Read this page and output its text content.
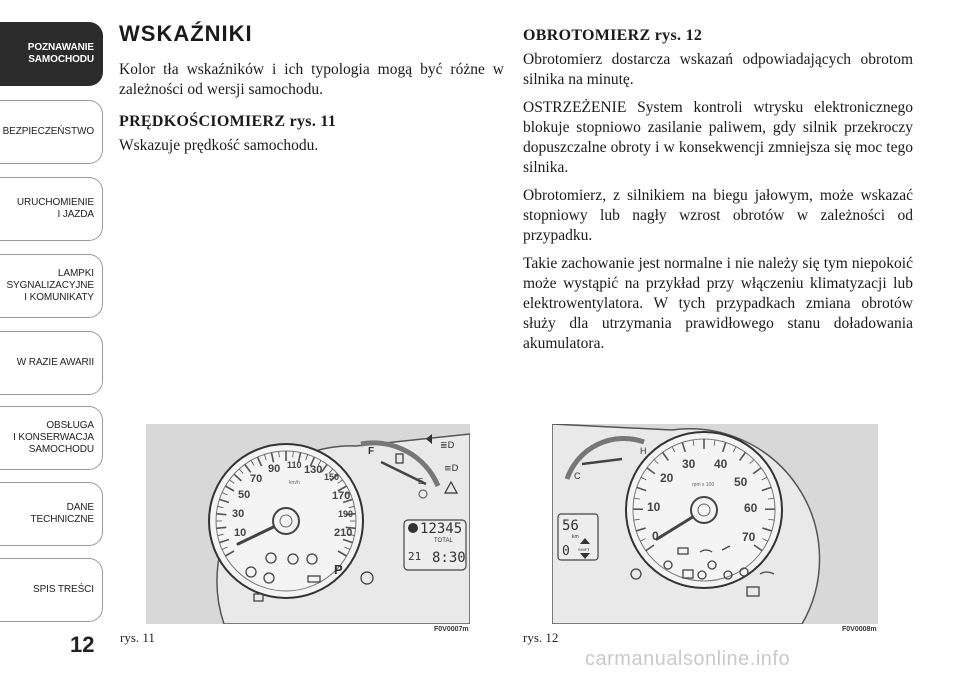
POZNAWANIE
SAMOCHODU
BEZPIECZEŃSTWO
URUCHOMIENIE
I JAZDA
LAMPKI
SYGNALIZACYJNE
I KOMUNIKATY
W RAZIE AWARII
OBSŁUGA
I KONSERWACJA
SAMOCHODU
DANE
TECHNICZNE
SPIS TREŚCI
12
WSKAŹNIKI

Kolor tła wskaźników i ich typologia mogą być różne w zależności od wersji samochodu.

PRĘDKOŚCIOMIERZ rys. 11

Wskazuje prędkość samochodu.

OBROTOMIERZ rys. 12

Obrotomierz dostarcza wskazań odpowiadających obrotom silnika na minutę.

OSTRZEŻENIE System kontroli wtrysku elektronicznego blokuje stopniowo zasilanie paliwem, gdy silnik przekroczy dopuszczalne obroty i w konsekwencji zmniejsza się moc tego silnika.

Obrotomierz, z silnikiem na biegu jałowym, może wskazać stopniowy lub nagły wzrost obrotów w zależności od przypadku.

Takie zachowanie jest normalne i nie należy się tym niepokoić może wystąpić na przykład przy włączeniu klimatyzacji lub elektrowentylatora. W tych przypadkach zmiana obrotów służy dla utrzymania prawidłowego stanu doładowania akumulatora.

10
30
50
70
90 110 130
150
170
190
210
km/h
P
F
E
≣D
≡D
12345
TOTAL
21 8:30
rys. 11
F0V0007m
C
H
0
10
20
30 40
50
60
70
rpm x 100
56
km
0 SHIFT
rys. 12
F0V0008m
carmanualsonline.info
